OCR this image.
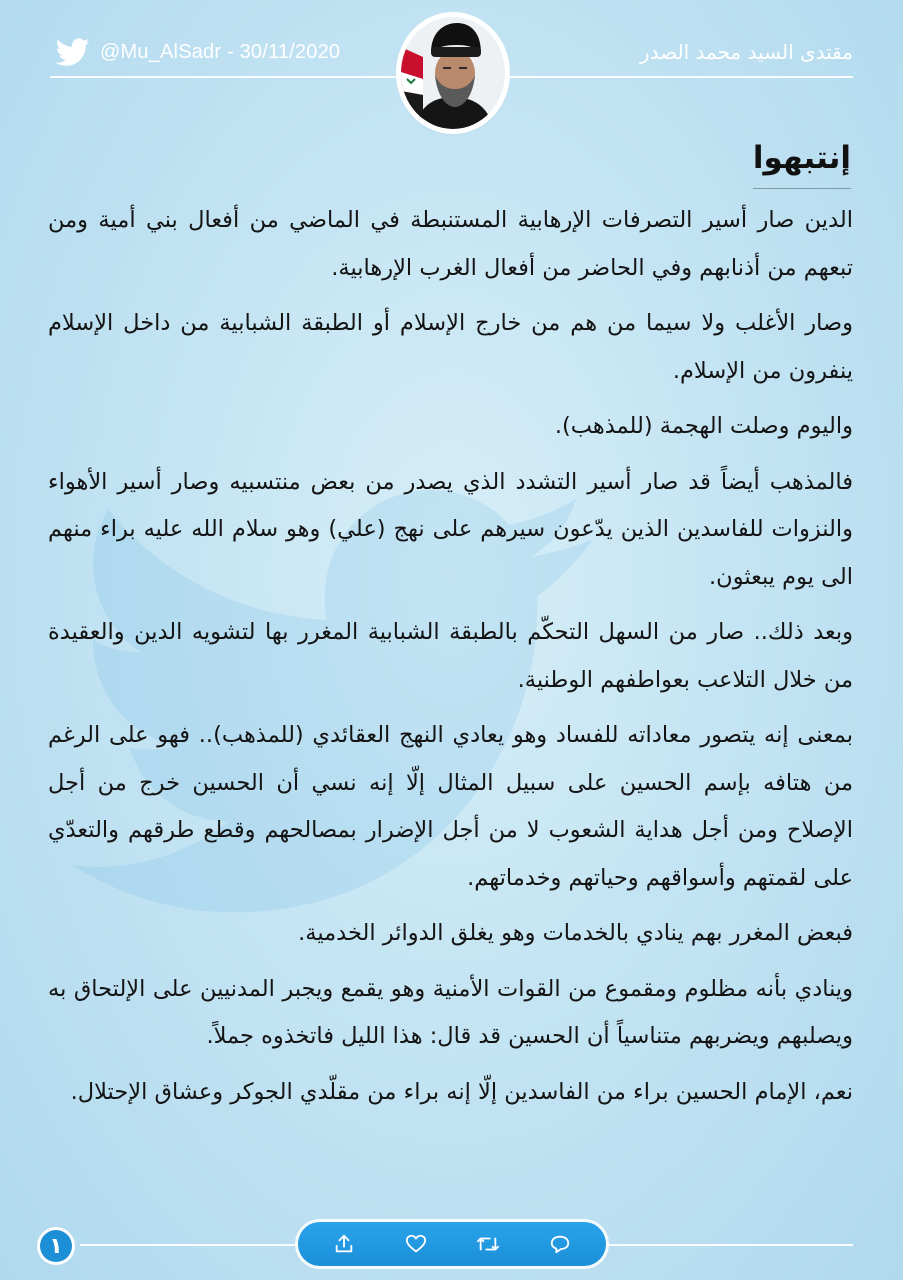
@Mu_AlSadr - 30/11/2020	مقتدى السيد محمد الصدر
إنتبهوا

الدين صار أسير التصرفات الإرهابية المستنبطة في الماضي من أفعال بني أمية ومن تبعهم من أذنابهم وفي الحاضر من أفعال الغرب الإرهابية.

وصار الأغلب ولا سيما من هم من خارج الإسلام أو الطبقة الشبابية من داخل الإسلام ينفرون من الإسلام.

واليوم وصلت الهجمة (للمذهب).

فالمذهب أيضاً قد صار أسير التشدد الذي يصدر من بعض منتسبيه وصار أسير الأهواء والنزوات للفاسدين الذين يدّعون سيرهم على نهج (علي) وهو سلام الله عليه براء منهم الى يوم يبعثون.

وبعد ذلك.. صار من السهل التحكّم بالطبقة الشبابية المغرر بها لتشويه الدين والعقيدة من خلال التلاعب بعواطفهم الوطنية.

بمعنى إنه يتصور معاداته للفساد وهو يعادي النهج العقائدي (للمذهب).. فهو على الرغم من هتافه بإسم الحسين على سبيل المثال إلّا إنه نسي أن الحسين خرج من أجل الإصلاح ومن أجل هداية الشعوب لا من أجل الإضرار بمصالحهم وقطع طرقهم والتعدّي على لقمتهم وأسواقهم وحياتهم وخدماتهم.

فبعض المغرر بهم ينادي بالخدمات وهو يغلق الدوائر الخدمية.

وينادي بأنه مظلوم ومقموع من القوات الأمنية وهو يقمع ويجبر المدنيين على الإلتحاق به ويصلبهم ويضربهم متناسياً أن الحسين قد قال: هذا الليل فاتخذوه جملاً.

نعم، الإمام الحسين براء من الفاسدين إلّا إنه براء من مقلّدي الجوكر وعشاق الإحتلال.

١
